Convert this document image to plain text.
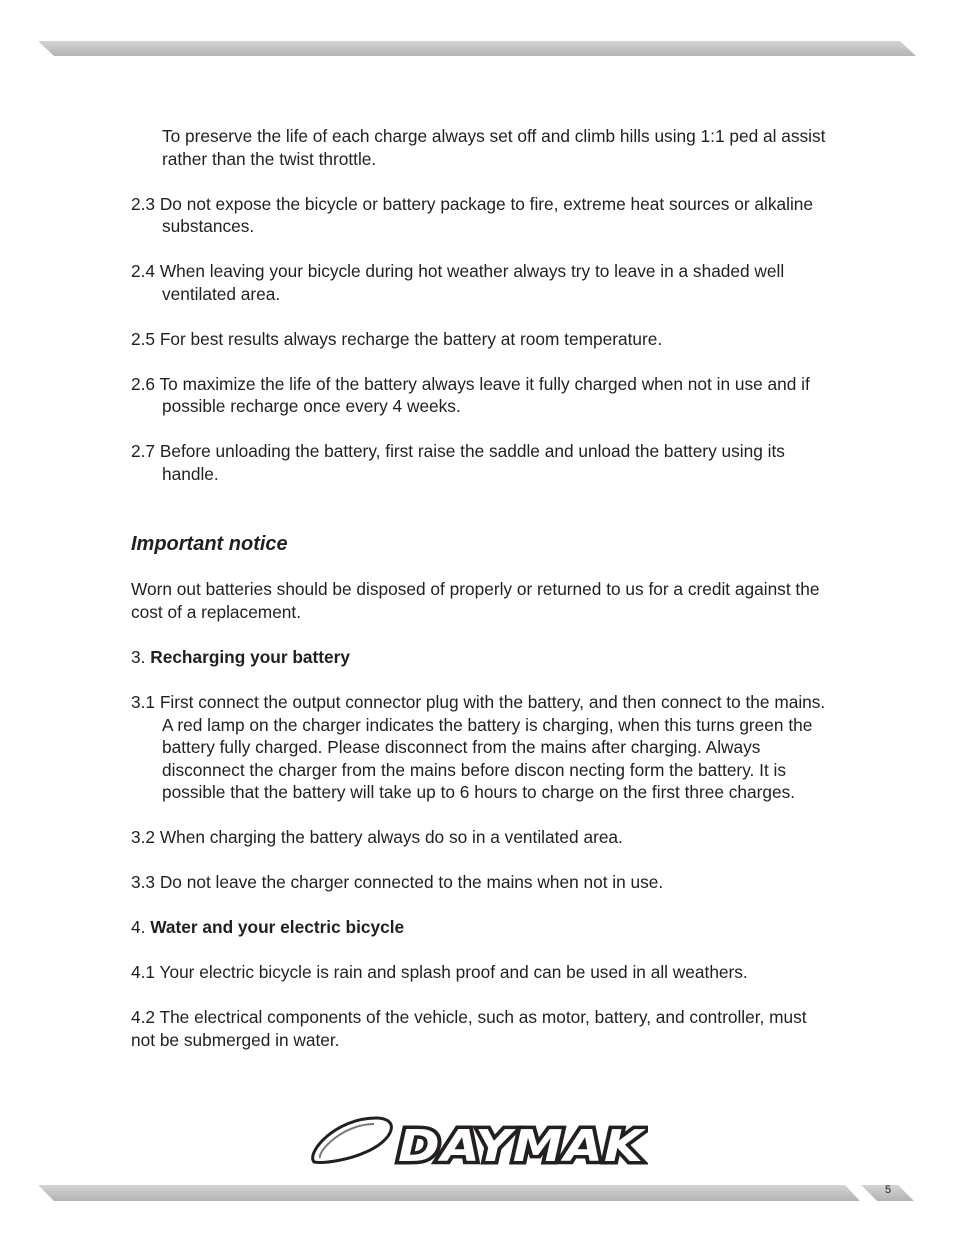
To preserve the life of each charge always set off and climb hills using 1:1 ped al assist rather than the twist throttle.

2.3 Do not expose the bicycle or battery package to fire, extreme heat sources or alkaline substances.

2.4 When leaving your bicycle during hot weather always try to leave in a shaded well ventilated area.

2.5 For best results always recharge the battery at room temperature.

2.6 To maximize the life of the battery always leave it fully charged when not in use and if possible recharge once every 4 weeks.

2.7 Before unloading the battery, first raise the saddle and unload the battery using its handle.

Important notice

Worn out batteries should be disposed of properly or returned to us for a credit against the cost of a replacement.

3. Recharging your battery

3.1 First connect the output connector plug with the battery, and then connect to the mains. A red lamp on the charger indicates the battery is charging, when this turns green the battery fully charged. Please disconnect from the mains after charging. Always disconnect the charger from the mains before discon necting form the battery. It is possible that the battery will take up to 6 hours to charge on the first three charges.

3.2 When charging the battery always do so in a ventilated area.

3.3 Do not leave the charger connected to the mains when not in use.

4. Water and your electric bicycle

4.1 Your electric bicycle is rain and splash proof and can be used in all weathers.

4.2 The electrical components of the vehicle, such as motor, battery, and controller, must not be submerged in water.

DAYMAK
5
